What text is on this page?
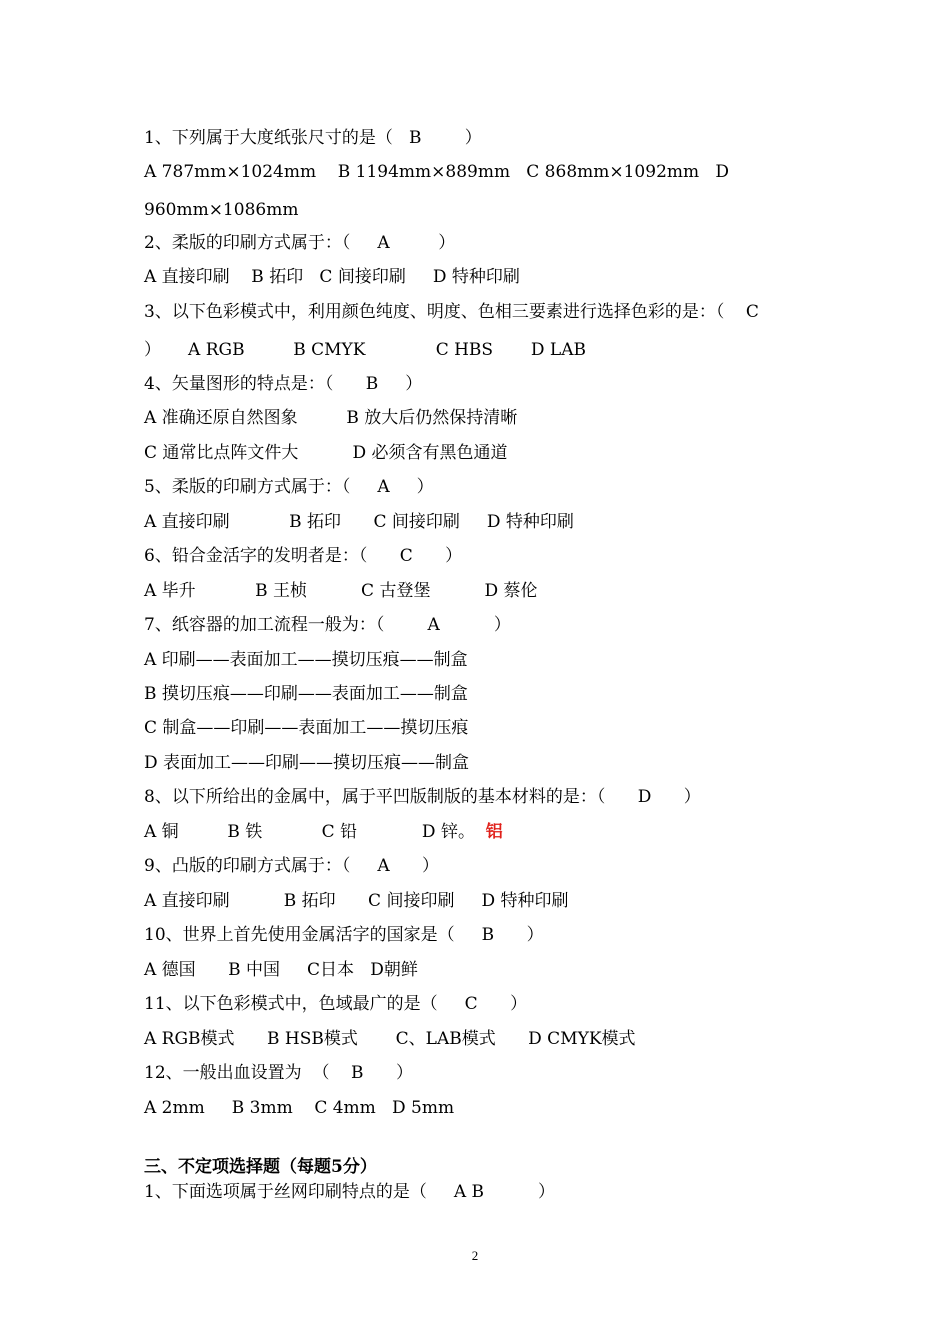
1、下列属于大度纸张尺寸的是（   B        ）
A 787mm×1024mm    B 1194mm×889mm   C 868mm×1092mm   D
960mm×1086mm
2、柔版的印刷方式属于：（     A         ）
A 直接印刷    B 拓印   C 间接印刷     D 特种印刷
3、以下色彩模式中，利用颜色纯度、明度、色相三要素进行选择色彩的是：（    C
）     A RGB         B CMYK             C HBS       D LAB
4、矢量图形的特点是：（      B     ）
A 准确还原自然图象         B 放大后仍然保持清晰
C 通常比点阵文件大          D 必须含有黑色通道
5、柔版的印刷方式属于：（     A     ）
A 直接印刷           B 拓印      C 间接印刷     D 特种印刷
6、铅合金活字的发明者是：（      C      ）
A 毕升           B 王桢          C 古登堡          D 蔡伦
7、纸容器的加工流程一般为：（        A          ）
A 印刷——表面加工——摸切压痕——制盒
B 摸切压痕——印刷——表面加工——制盒
C 制盒——印刷——表面加工——摸切压痕
D 表面加工——印刷——摸切压痕——制盒
8、以下所给出的金属中，属于平凹版制版的基本材料的是：（      D      ）
A 铜         B 铁           C 铅            D 锌。 铝
9、凸版的印刷方式属于：（     A      ）
A 直接印刷          B 拓印      C 间接印刷     D 特种印刷
10、世界上首先使用金属活字的国家是（     B      ）
A 德国      B 中国     C日本   D朝鲜
11、以下色彩模式中，色域最广的是（     C      ）
A RGB模式      B HSB模式       C、LAB模式      D CMYK模式
12、一般出血设置为  （    B      ）
A 2mm     B 3mm    C 4mm   D 5mm
三、不定项选择题（每题5分）
1、下面选项属于丝网印刷特点的是（     A B          ）
2
